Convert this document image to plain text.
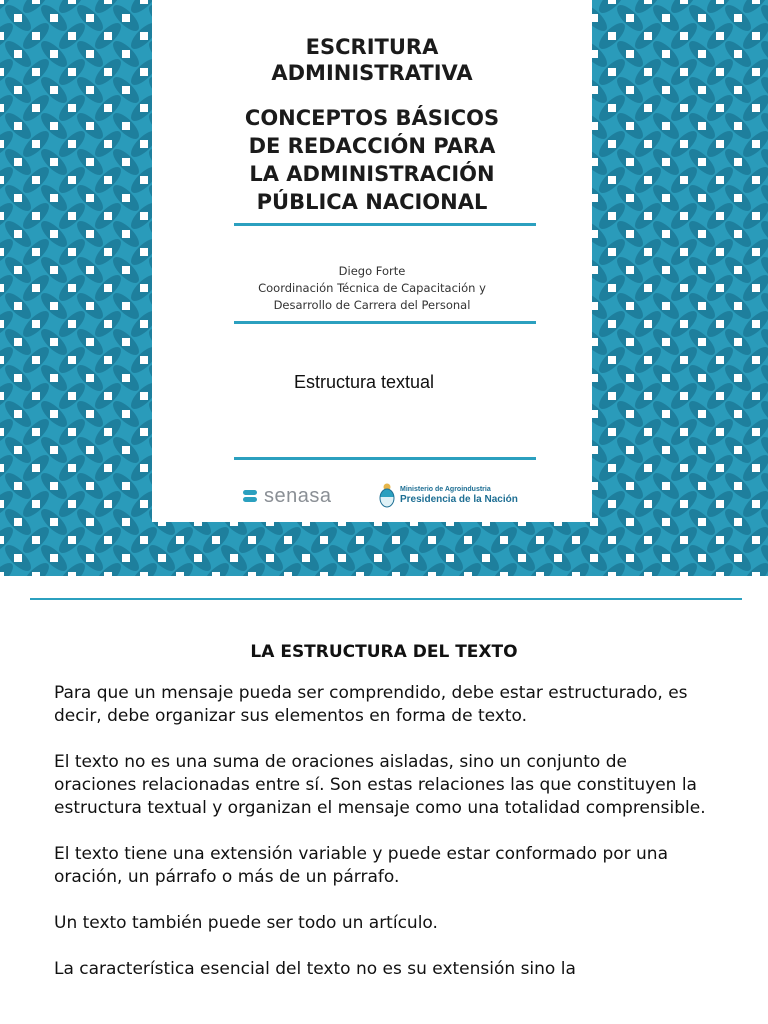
ESCRITURA
ADMINISTRATIVA
CONCEPTOS BÁSICOS
DE REDACCIÓN PARA
LA ADMINISTRACIÓN
PÚBLICA NACIONAL
Diego Forte
Coordinación Técnica de Capacitación y
Desarrollo de Carrera del Personal
Estructura textual
senasa	Ministerio de Agroindustria
Presidencia de la Nación
LA ESTRUCTURA DEL TEXTO

Para que un mensaje pueda ser comprendido, debe estar estructurado, es decir, debe organizar sus elementos en forma de texto.

El texto no es una suma de oraciones aisladas, sino un conjunto de oraciones relacionadas entre sí. Son estas relaciones las que constituyen la estructura textual y organizan el mensaje como una totalidad comprensible.

El texto tiene una extensión variable y puede estar conformado por una oración, un párrafo o más de un párrafo.

Un texto también puede ser todo un artículo.

La característica esencial del texto no es su extensión sino la
